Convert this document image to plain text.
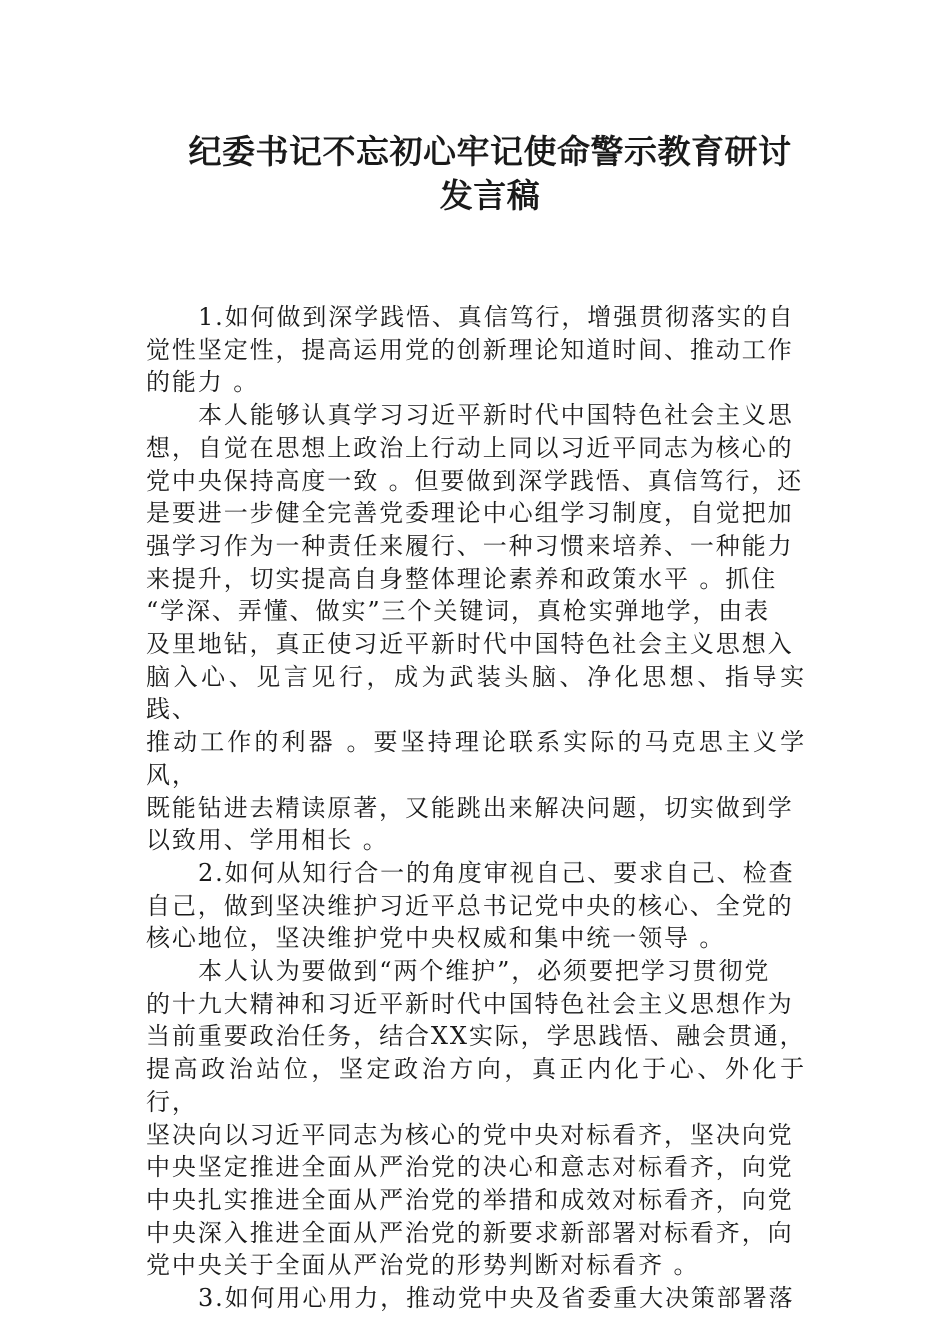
纪委书记不忘初心牢记使命警示教育研讨
发言稿

1.如何做到深学践悟、真信笃行，增强贯彻落实的自
觉性坚定性，提高运用党的创新理论知道时间、推动工作
的能力 。

本人能够认真学习习近平新时代中国特色社会主义思
想，自觉在思想上政治上行动上同以习近平同志为核心的
党中央保持高度一致 。但要做到深学践悟、真信笃行，还
是要进一步健全完善党委理论中心组学习制度，自觉把加
强学习作为一种责任来履行、一种习惯来培养、一种能力
来提升，切实提高自身整体理论素养和政策水平 。抓住
“学深、弄懂、做实”三个关键词，真枪实弹地学，由表
及里地钻，真正使习近平新时代中国特色社会主义思想入
脑入心、见言见行，成为武装头脑、净化思想、指导实践、
推动工作的利器 。要坚持理论联系实际的马克思主义学风，
既能钻进去精读原著，又能跳出来解决问题，切实做到学
以致用、学用相长 。

2.如何从知行合一的角度审视自己、要求自己、检查
自己，做到坚决维护习近平总书记党中央的核心、全党的
核心地位，坚决维护党中央权威和集中统一领导 。

本人认为要做到“两个维护”，必须要把学习贯彻党
的十九大精神和习近平新时代中国特色社会主义思想作为
当前重要政治任务，结合XX实际，学思践悟、融会贯通，
提高政治站位，坚定政治方向，真正内化于心、外化于行，
坚决向以习近平同志为核心的党中央对标看齐，坚决向党
中央坚定推进全面从严治党的决心和意志对标看齐，向党
中央扎实推进全面从严治党的举措和成效对标看齐，向党
中央深入推进全面从严治党的新要求新部署对标看齐，向
党中央关于全面从严治党的形势判断对标看齐 。

3.如何用心用力，推动党中央及省委重大决策部署落
